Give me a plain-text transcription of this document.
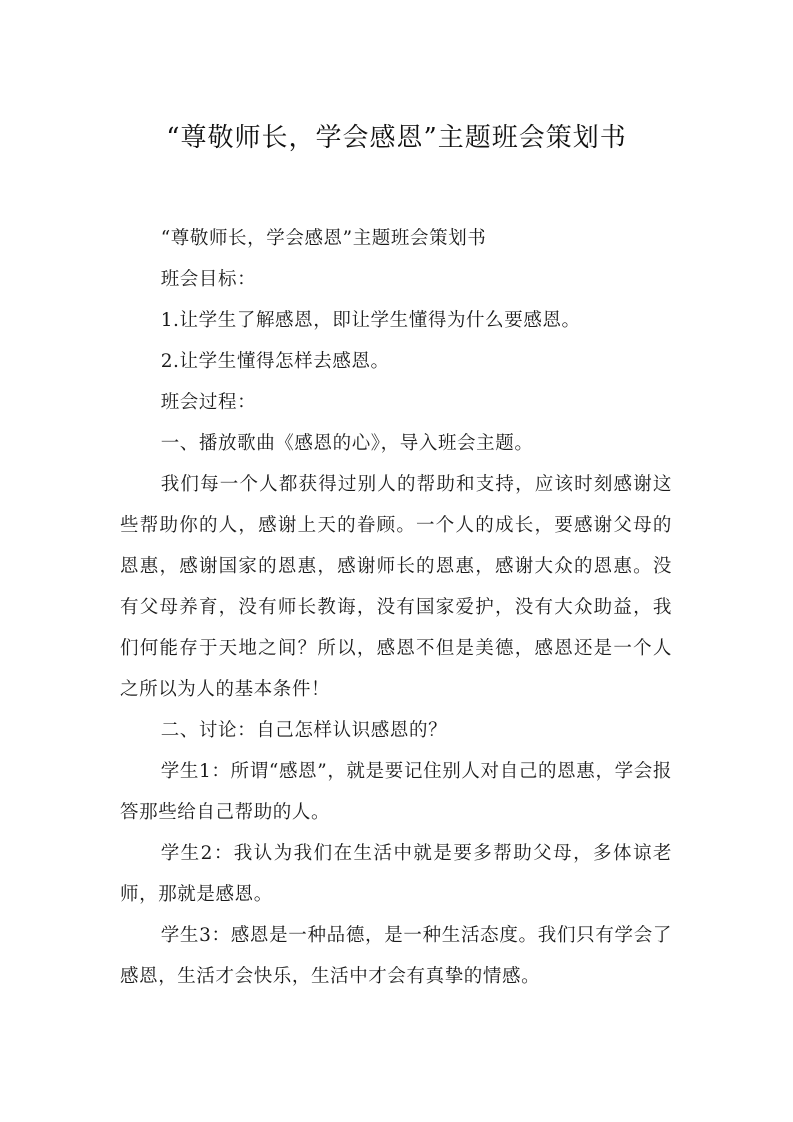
“尊敬师长，学会感恩”主题班会策划书

“尊敬师长，学会感恩”主题班会策划书

班会目标：

1.让学生了解感恩，即让学生懂得为什么要感恩。

2.让学生懂得怎样去感恩。

班会过程：

一、播放歌曲《感恩的心》，导入班会主题。

我们每一个人都获得过别人的帮助和支持，应该时刻感谢这些帮助你的人，感谢上天的眷顾。一个人的成长，要感谢父母的恩惠，感谢国家的恩惠，感谢师长的恩惠，感谢大众的恩惠。没有父母养育，没有师长教诲，没有国家爱护，没有大众助益，我们何能存于天地之间？所以，感恩不但是美德，感恩还是一个人之所以为人的基本条件！

二、讨论：自己怎样认识感恩的？

学生1：所谓“感恩”，就是要记住别人对自己的恩惠，学会报答那些给自己帮助的人。

学生2：我认为我们在生活中就是要多帮助父母，多体谅老师，那就是感恩。

学生3：感恩是一种品德，是一种生活态度。我们只有学会了感恩，生活才会快乐，生活中才会有真挚的情感。
